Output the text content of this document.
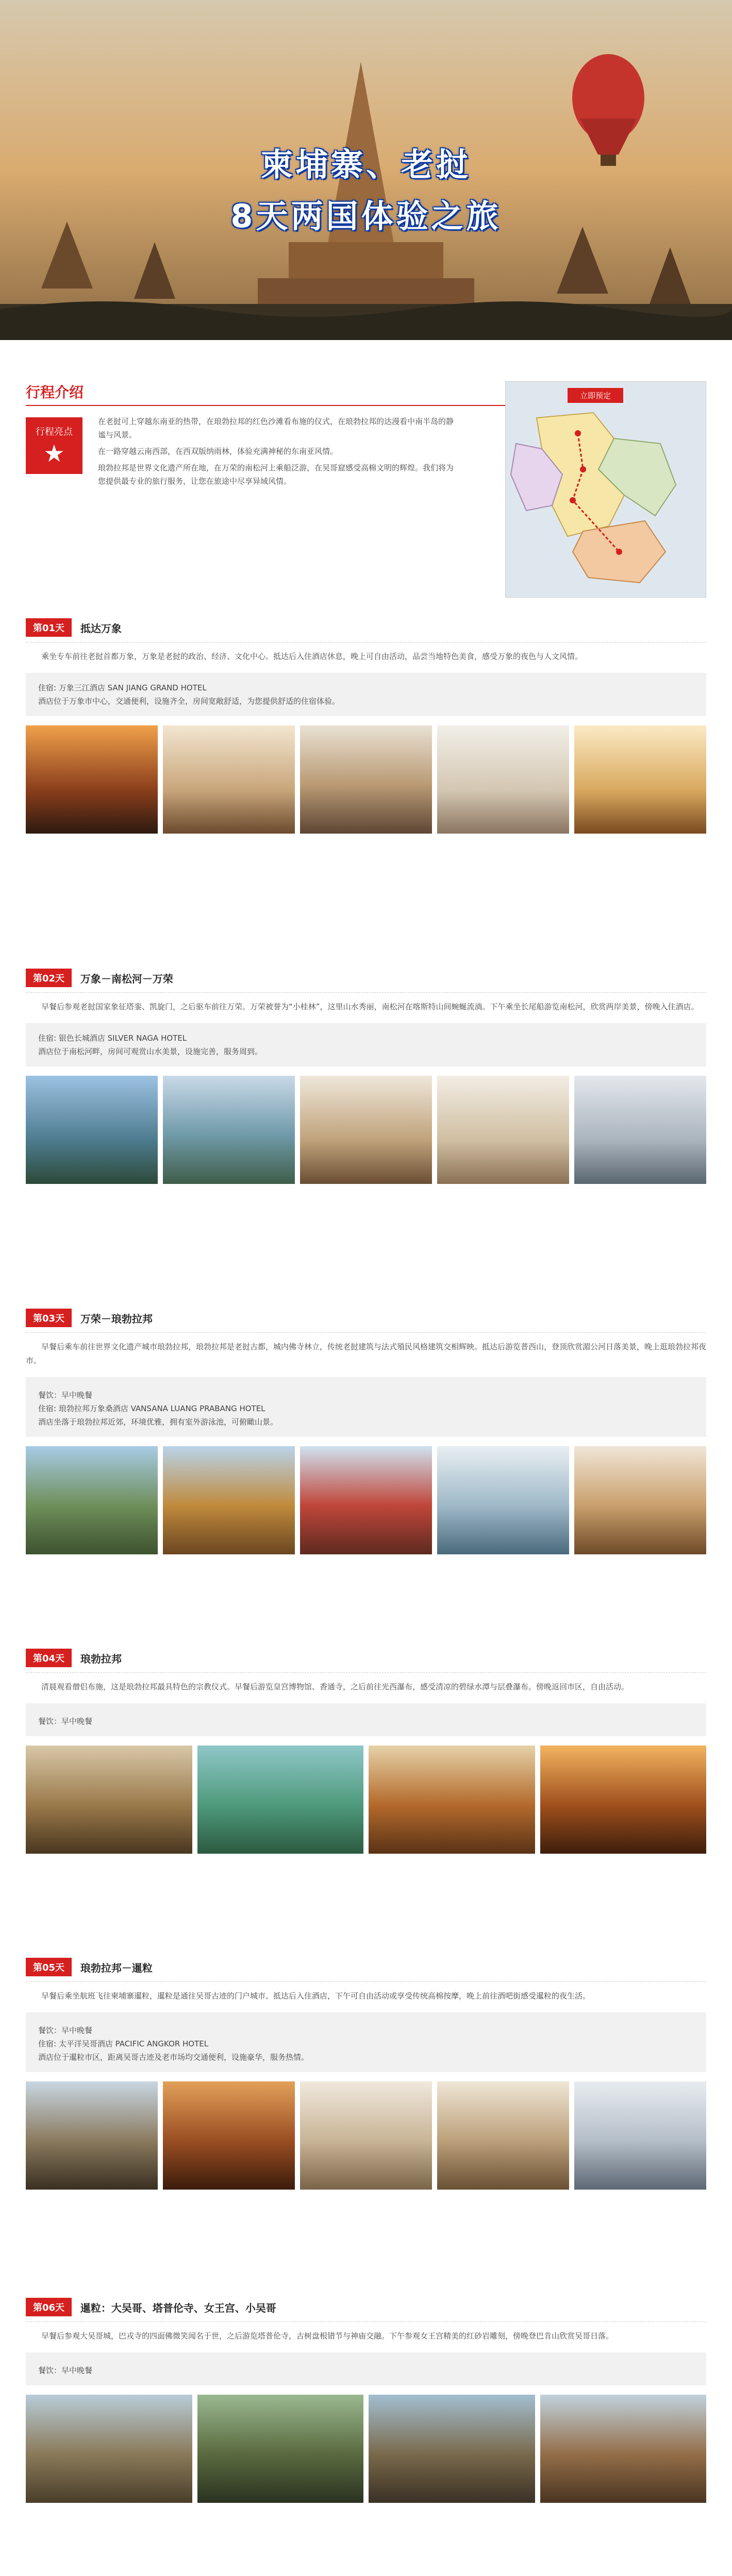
柬埔寨、老挝
8天两国体验之旅
行程介绍
行程亮点
★

在老挝可上穿越东南亚的热带，在琅勃拉邦的红色沙滩看布施的仪式，在琅勃拉邦的达漫看中南半岛的静谧与风景。

在一路穿越云南西部，在西双版纳雨林，体验充满神秘的东南亚风情。

琅勃拉邦是世界文化遗产所在地，在万荣的南松河上乘船泛游，在吴哥窟感受高棉文明的辉煌。我们将为您提供最专业的旅行服务，让您在旅途中尽享异域风情。

立即预定
第01天 抵达万象
乘坐专车前往老挝首都万象，万象是老挝的政治、经济、文化中心。抵达后入住酒店休息，晚上可自由活动，品尝当地特色美食，感受万象的夜色与人文风情。
住宿: 万象三江酒店 SAN JIANG GRAND HOTEL
酒店位于万象市中心，交通便利，设施齐全，房间宽敞舒适，为您提供舒适的住宿体验。
第02天 万象－南松河－万荣
早餐后参观老挝国家象征塔銮、凯旋门，之后驱车前往万荣。万荣被誉为“小桂林”，这里山水秀丽，南松河在喀斯特山间蜿蜒流淌。下午乘坐长尾船游览南松河，欣赏两岸美景，傍晚入住酒店。
住宿: 银色长城酒店 SILVER NAGA HOTEL
酒店位于南松河畔，房间可观赏山水美景，设施完善，服务周到。
第03天 万荣－琅勃拉邦
早餐后乘车前往世界文化遗产城市琅勃拉邦，琅勃拉邦是老挝古都，城内佛寺林立，传统老挝建筑与法式殖民风格建筑交相辉映。抵达后游览普西山，登顶欣赏湄公河日落美景，晚上逛琅勃拉邦夜市。
餐饮：早中晚餐
住宿: 琅勃拉邦万象桑酒店 VANSANA LUANG PRABANG HOTEL
酒店坐落于琅勃拉邦近郊，环境优雅，拥有室外游泳池，可俯瞰山景。
第04天 琅勃拉邦
清晨观看僧侣布施，这是琅勃拉邦最具特色的宗教仪式。早餐后游览皇宫博物馆、香通寺，之后前往光西瀑布，感受清凉的碧绿水潭与层叠瀑布。傍晚返回市区，自由活动。
餐饮：早中晚餐
第05天 琅勃拉邦－暹粒
早餐后乘坐航班飞往柬埔寨暹粒，暹粒是通往吴哥古迹的门户城市。抵达后入住酒店，下午可自由活动或享受传统高棉按摩，晚上前往酒吧街感受暹粒的夜生活。
餐饮：早中晚餐
住宿: 太平洋吴哥酒店 PACIFIC ANGKOR HOTEL
酒店位于暹粒市区，距离吴哥古迹及老市场均交通便利，设施豪华，服务热情。
第06天 暹粒：大吴哥、塔普伦寺、女王宫、小吴哥
早餐后参观大吴哥城，巴戎寺的四面佛微笑闻名于世，之后游览塔普伦寺，古树盘根错节与神庙交融。下午参观女王宫精美的红砂岩雕刻，傍晚登巴肯山欣赏吴哥日落。
餐饮：早中晚餐
